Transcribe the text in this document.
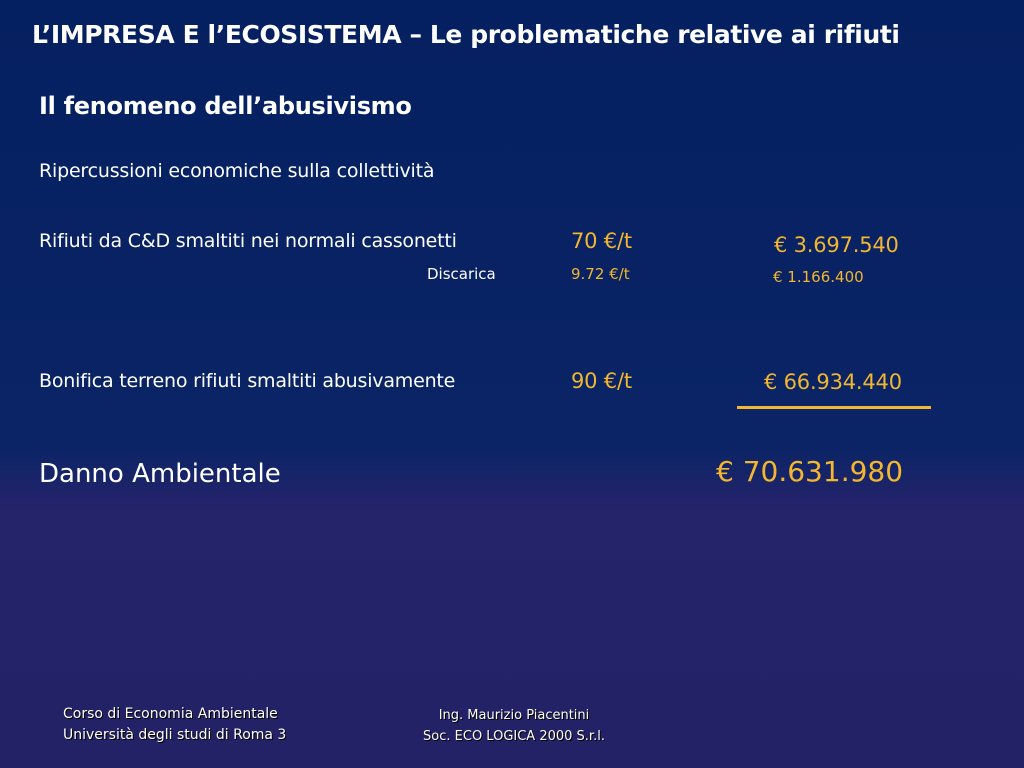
L’IMPRESA E l’ECOSISTEMA – Le problematiche relative ai rifiuti
Il fenomeno dell’abusivismo
Ripercussioni economiche sulla collettività
Rifiuti da C&D smaltiti nei normali cassonetti	70 €/t	€ 3.697.540
Discarica	9.72 €/t	€ 1.166.400
Bonifica terreno rifiuti smaltiti abusivamente	90 €/t	€ 66.934.440
Danno Ambientale	€ 70.631.980
Corso di Economia Ambientale
Università degli studi di Roma 3
Ing. Maurizio Piacentini
Soc. ECO LOGICA 2000 S.r.l.
